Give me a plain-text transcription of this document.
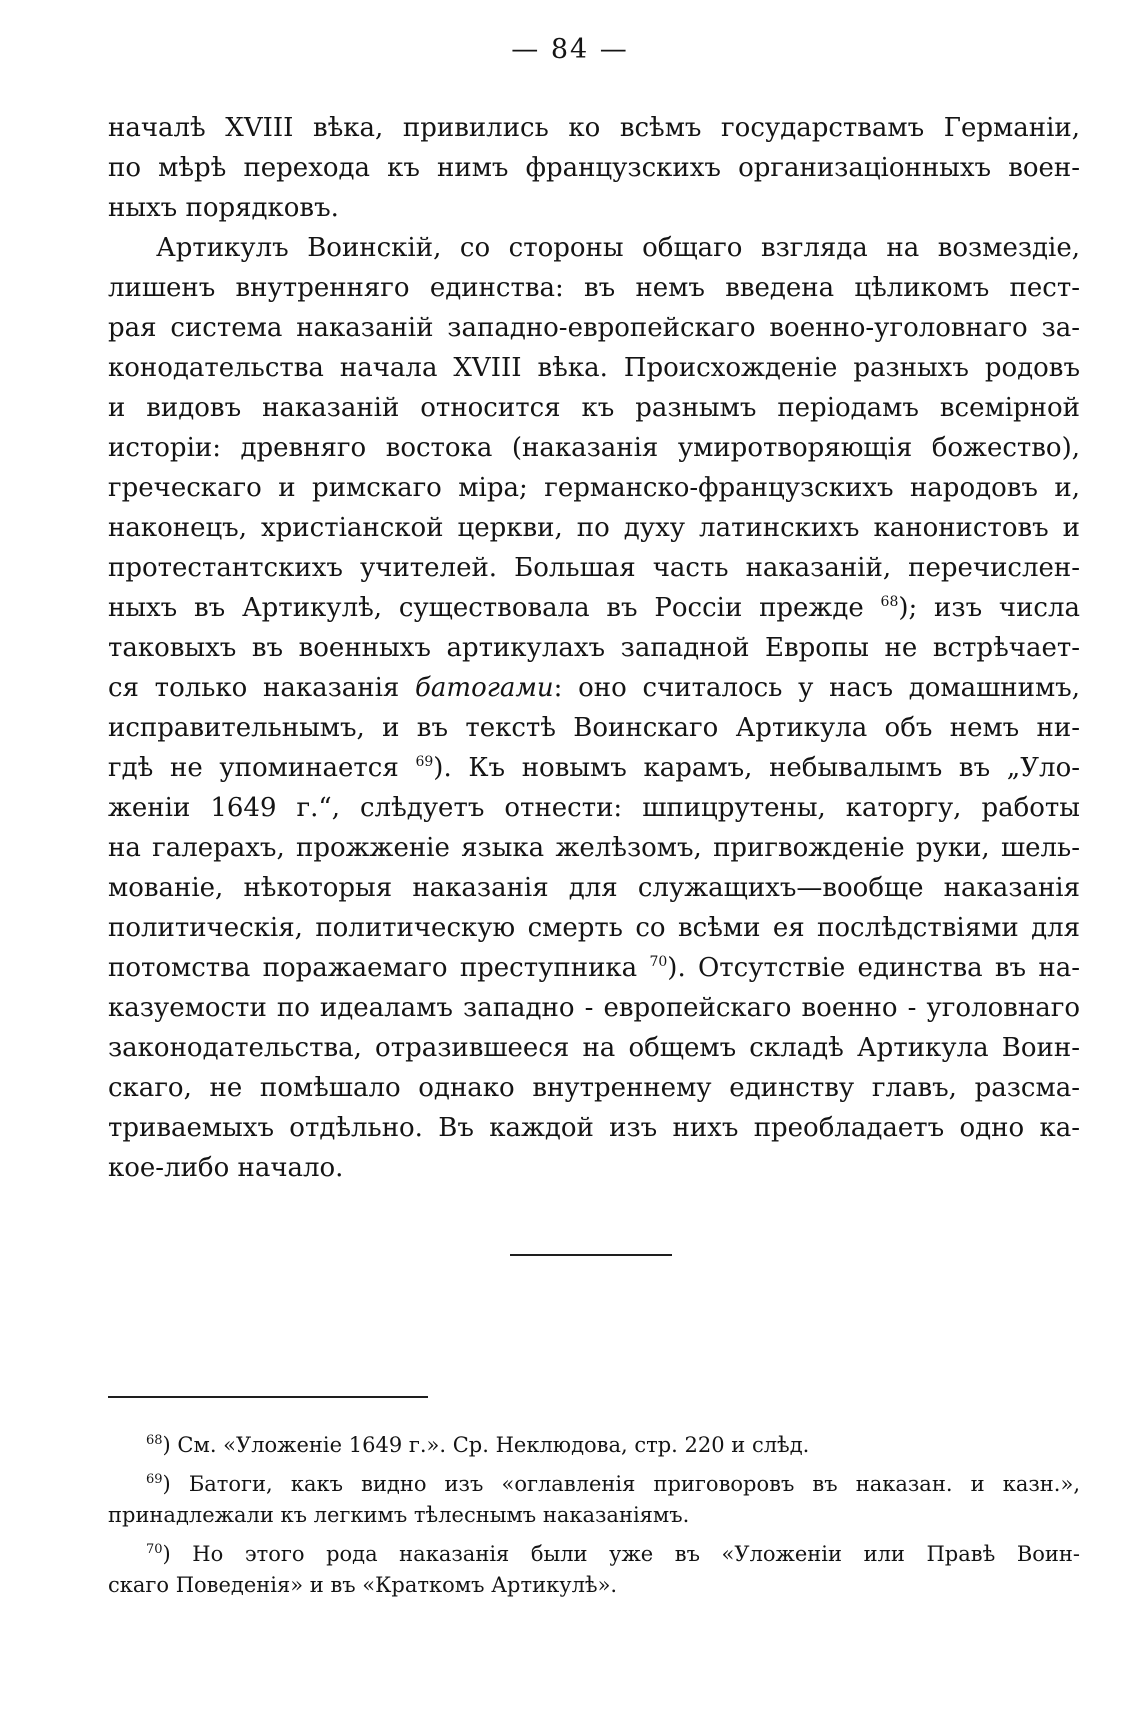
— 84 —
началѣ XVIII вѣка, привились ко всѣмъ государствамъ Германіи,
по мѣрѣ перехода къ нимъ французскихъ организаціонныхъ воен-
ныхъ порядковъ.
Артикулъ Воинскій, со стороны общаго взгляда на возмездіе,
лишенъ внутренняго единства: въ немъ введена цѣликомъ пест-
рая система наказаній западно-европейскаго военно-уголовнаго за-
конодательства начала XVIII вѣка. Происхожденіе разныхъ родовъ
и видовъ наказаній относится къ разнымъ періодамъ всемірной
исторіи: древняго востока (наказанія умиротворяющія божество),
греческаго и римскаго міра; германско-французскихъ народовъ и,
наконецъ, христіанской церкви, по духу латинскихъ канонистовъ и
протестантскихъ учителей. Большая часть наказаній, перечислен-
ныхъ въ Артикулѣ, существовала въ Россіи прежде $^{68}$); изъ числа
таковыхъ въ военныхъ артикулахъ западной Европы не встрѣчает-
ся только наказанія батогами: оно считалось у насъ домашнимъ,
исправительнымъ, и въ текстѣ Воинскаго Артикула объ немъ ни-
гдѣ не упоминается $^{69}$). Къ новымъ карамъ, небывалымъ въ „Уло-
женіи 1649 г.“, слѣдуетъ отнести: шпицрутены, каторгу, работы
на галерахъ, прожженіе языка желѣзомъ, пригвожденіе руки, шель-
мованіе, нѣкоторыя наказанія для служащихъ—вообще наказанія
политическія, политическую смерть со всѣми ея послѣдствіями для
потомства поражаемаго преступника $^{70}$). Отсутствіе единства въ на-
казуемости по идеаламъ западно - европейскаго военно - уголовнаго
законодательства, отразившееся на общемъ складѣ Артикула Воин-
скаго, не помѣшало однако внутреннему единству главъ, разсма-
триваемыхъ отдѣльно. Въ каждой изъ нихъ преобладаетъ одно ка-
кое-либо начало.
$^{68}$) См. «Уложеніе 1649 г.». Ср. Неклюдова, стр. 220 и слѣд.
$^{69}$) Батоги, какъ видно изъ «оглавленія приговоровъ въ наказан. и казн.»,
принадлежали къ легкимъ тѣлеснымъ наказаніямъ.
$^{70}$) Но этого рода наказанія были уже въ «Уложеніи или Правѣ Воин-
скаго Поведенія» и въ «Краткомъ Артикулѣ».
